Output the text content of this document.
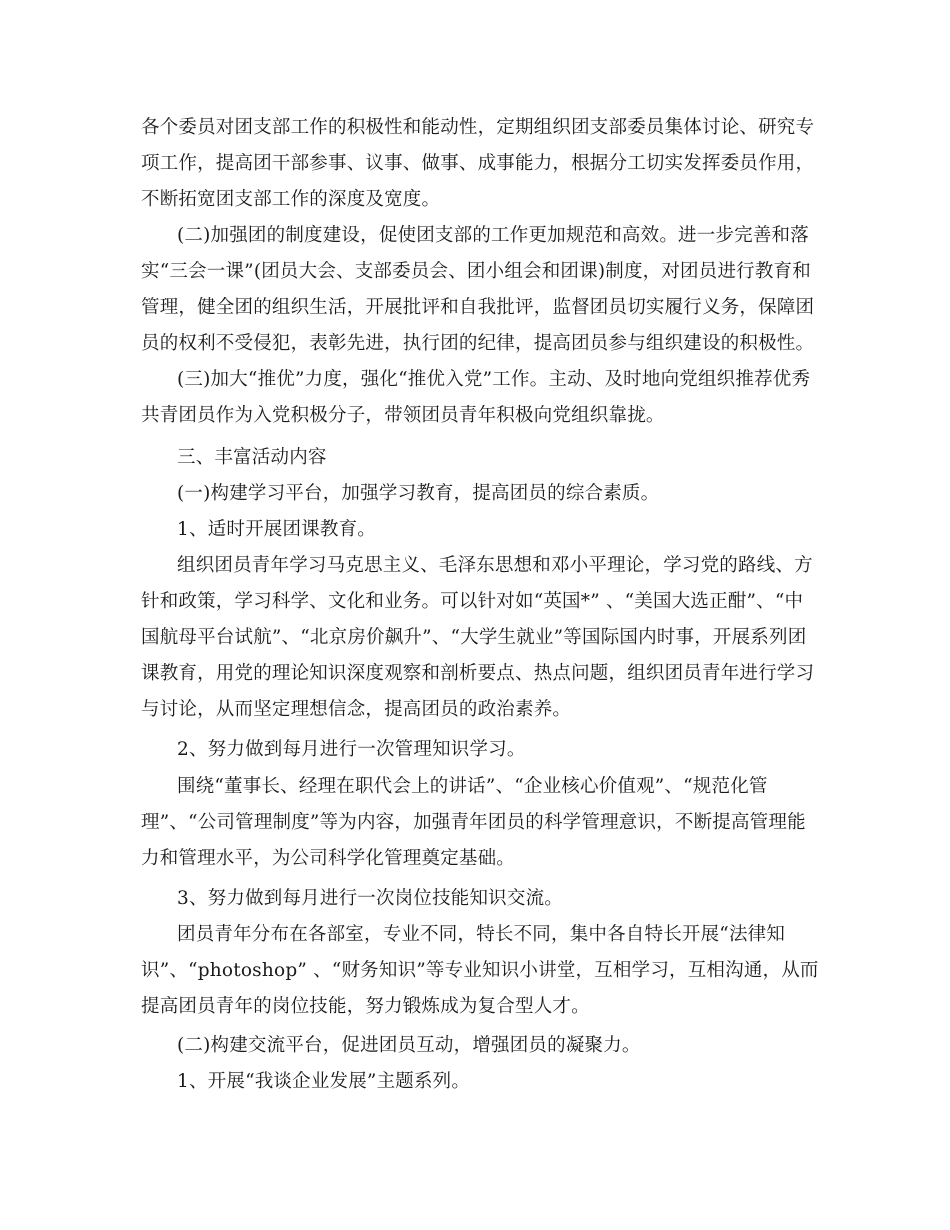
各个委员对团支部工作的积极性和能动性，定期组织团支部委员集体讨论、研究专
项工作，提高团干部参事、议事、做事、成事能力，根据分工切实发挥委员作用，
不断拓宽团支部工作的深度及宽度。
(二)加强团的制度建设，促使团支部的工作更加规范和高效。进一步完善和落
实“三会一课”(团员大会、支部委员会、团小组会和团课)制度，对团员进行教育和
管理，健全团的组织生活，开展批评和自我批评，监督团员切实履行义务，保障团
员的权利不受侵犯，表彰先进，执行团的纪律，提高团员参与组织建设的积极性。
(三)加大“推优”力度，强化“推优入党”工作。主动、及时地向党组织推荐优秀
共青团员作为入党积极分子，带领团员青年积极向党组织靠拢。
三、丰富活动内容
(一)构建学习平台，加强学习教育，提高团员的综合素质。
1、适时开展团课教育。
组织团员青年学习马克思主义、毛泽东思想和邓小平理论，学习党的路线、方
针和政策，学习科学、文化和业务。可以针对如“英国*” 、“美国大选正酣”、“中
国航母平台试航”、“北京房价飙升”、“大学生就业”等国际国内时事，开展系列团
课教育，用党的理论知识深度观察和剖析要点、热点问题，组织团员青年进行学习
与讨论，从而坚定理想信念，提高团员的政治素养。
2、努力做到每月进行一次管理知识学习。
围绕“董事长、经理在职代会上的讲话”、“企业核心价值观”、“规范化管
理”、“公司管理制度”等为内容，加强青年团员的科学管理意识，不断提高管理能
力和管理水平，为公司科学化管理奠定基础。
3、努力做到每月进行一次岗位技能知识交流。
团员青年分布在各部室，专业不同，特长不同，集中各自特长开展“法律知
识”、“photoshop” 、“财务知识”等专业知识小讲堂，互相学习，互相沟通，从而
提高团员青年的岗位技能，努力锻炼成为复合型人才。
(二)构建交流平台，促进团员互动，增强团员的凝聚力。
1、开展“我谈企业发展”主题系列。
